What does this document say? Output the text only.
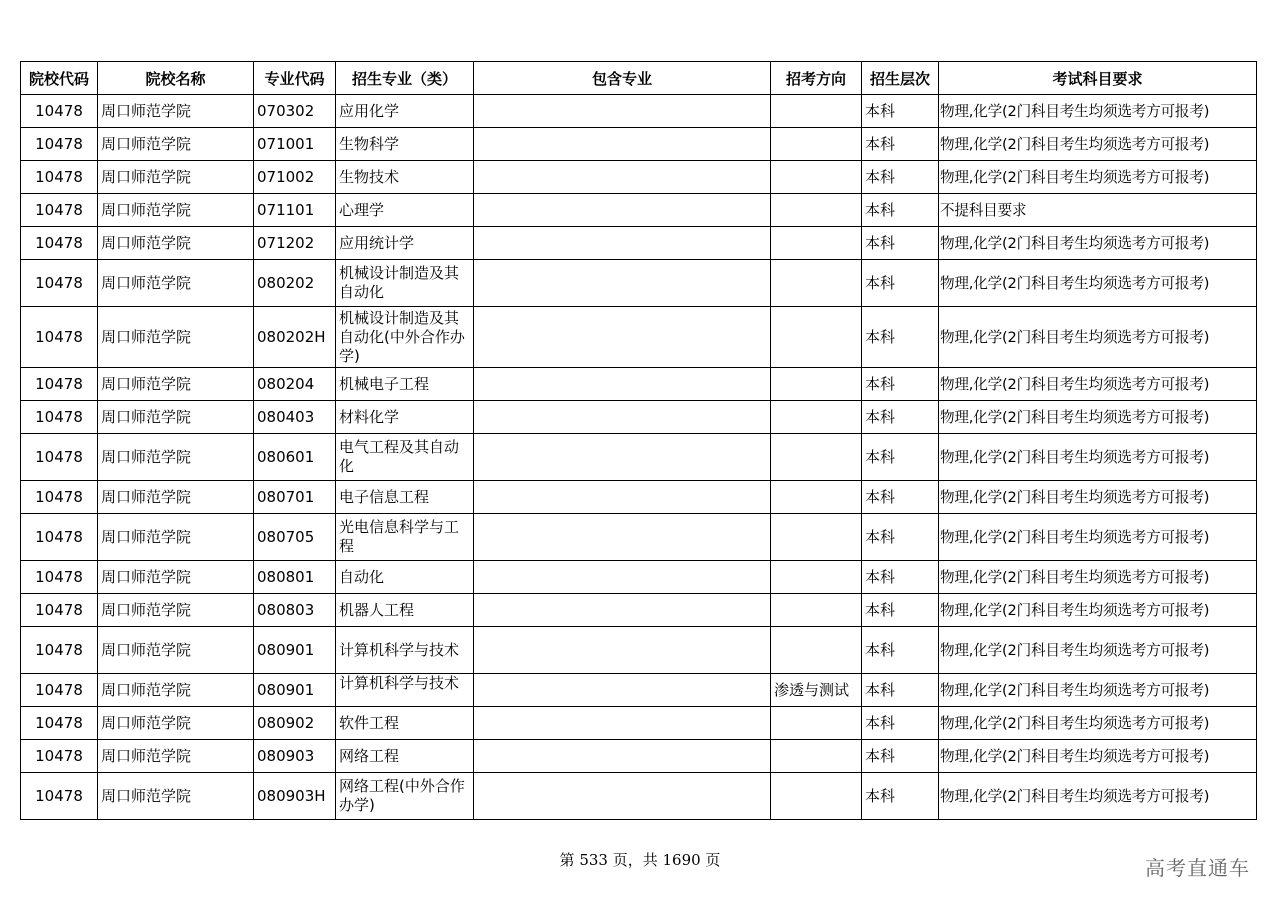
院校代码	院校名称	专业代码	招生专业（类）	包含专业	招考方向	招生层次	考试科目要求

10478	周口师范学院	070302	应用化学			本科	物理,化学(2门科目考生均须选考方可报考)

10478	周口师范学院	071001	生物科学			本科	物理,化学(2门科目考生均须选考方可报考)

10478	周口师范学院	071002	生物技术			本科	物理,化学(2门科目考生均须选考方可报考)

10478	周口师范学院	071101	心理学			本科	不提科目要求

10478	周口师范学院	071202	应用统计学			本科	物理,化学(2门科目考生均须选考方可报考)

10478	周口师范学院	080202	机械设计制造及其自动化			本科	物理,化学(2门科目考生均须选考方可报考)

10478	周口师范学院	080202H	机械设计制造及其自动化(中外合作办学)			本科	物理,化学(2门科目考生均须选考方可报考)

10478	周口师范学院	080204	机械电子工程			本科	物理,化学(2门科目考生均须选考方可报考)

10478	周口师范学院	080403	材料化学			本科	物理,化学(2门科目考生均须选考方可报考)

10478	周口师范学院	080601	电气工程及其自动化			本科	物理,化学(2门科目考生均须选考方可报考)

10478	周口师范学院	080701	电子信息工程			本科	物理,化学(2门科目考生均须选考方可报考)

10478	周口师范学院	080705	光电信息科学与工程			本科	物理,化学(2门科目考生均须选考方可报考)

10478	周口师范学院	080801	自动化			本科	物理,化学(2门科目考生均须选考方可报考)

10478	周口师范学院	080803	机器人工程			本科	物理,化学(2门科目考生均须选考方可报考)

10478	周口师范学院	080901	计算机科学与技术			本科	物理,化学(2门科目考生均须选考方可报考)

10478	周口师范学院	080901	计算机科学与技术		渗透与测试	本科	物理,化学(2门科目考生均须选考方可报考)

10478	周口师范学院	080902	软件工程			本科	物理,化学(2门科目考生均须选考方可报考)

10478	周口师范学院	080903	网络工程			本科	物理,化学(2门科目考生均须选考方可报考)

10478	周口师范学院	080903H	网络工程(中外合作办学)			本科	物理,化学(2门科目考生均须选考方可报考)
第 533 页，共 1690 页	高考直通车
